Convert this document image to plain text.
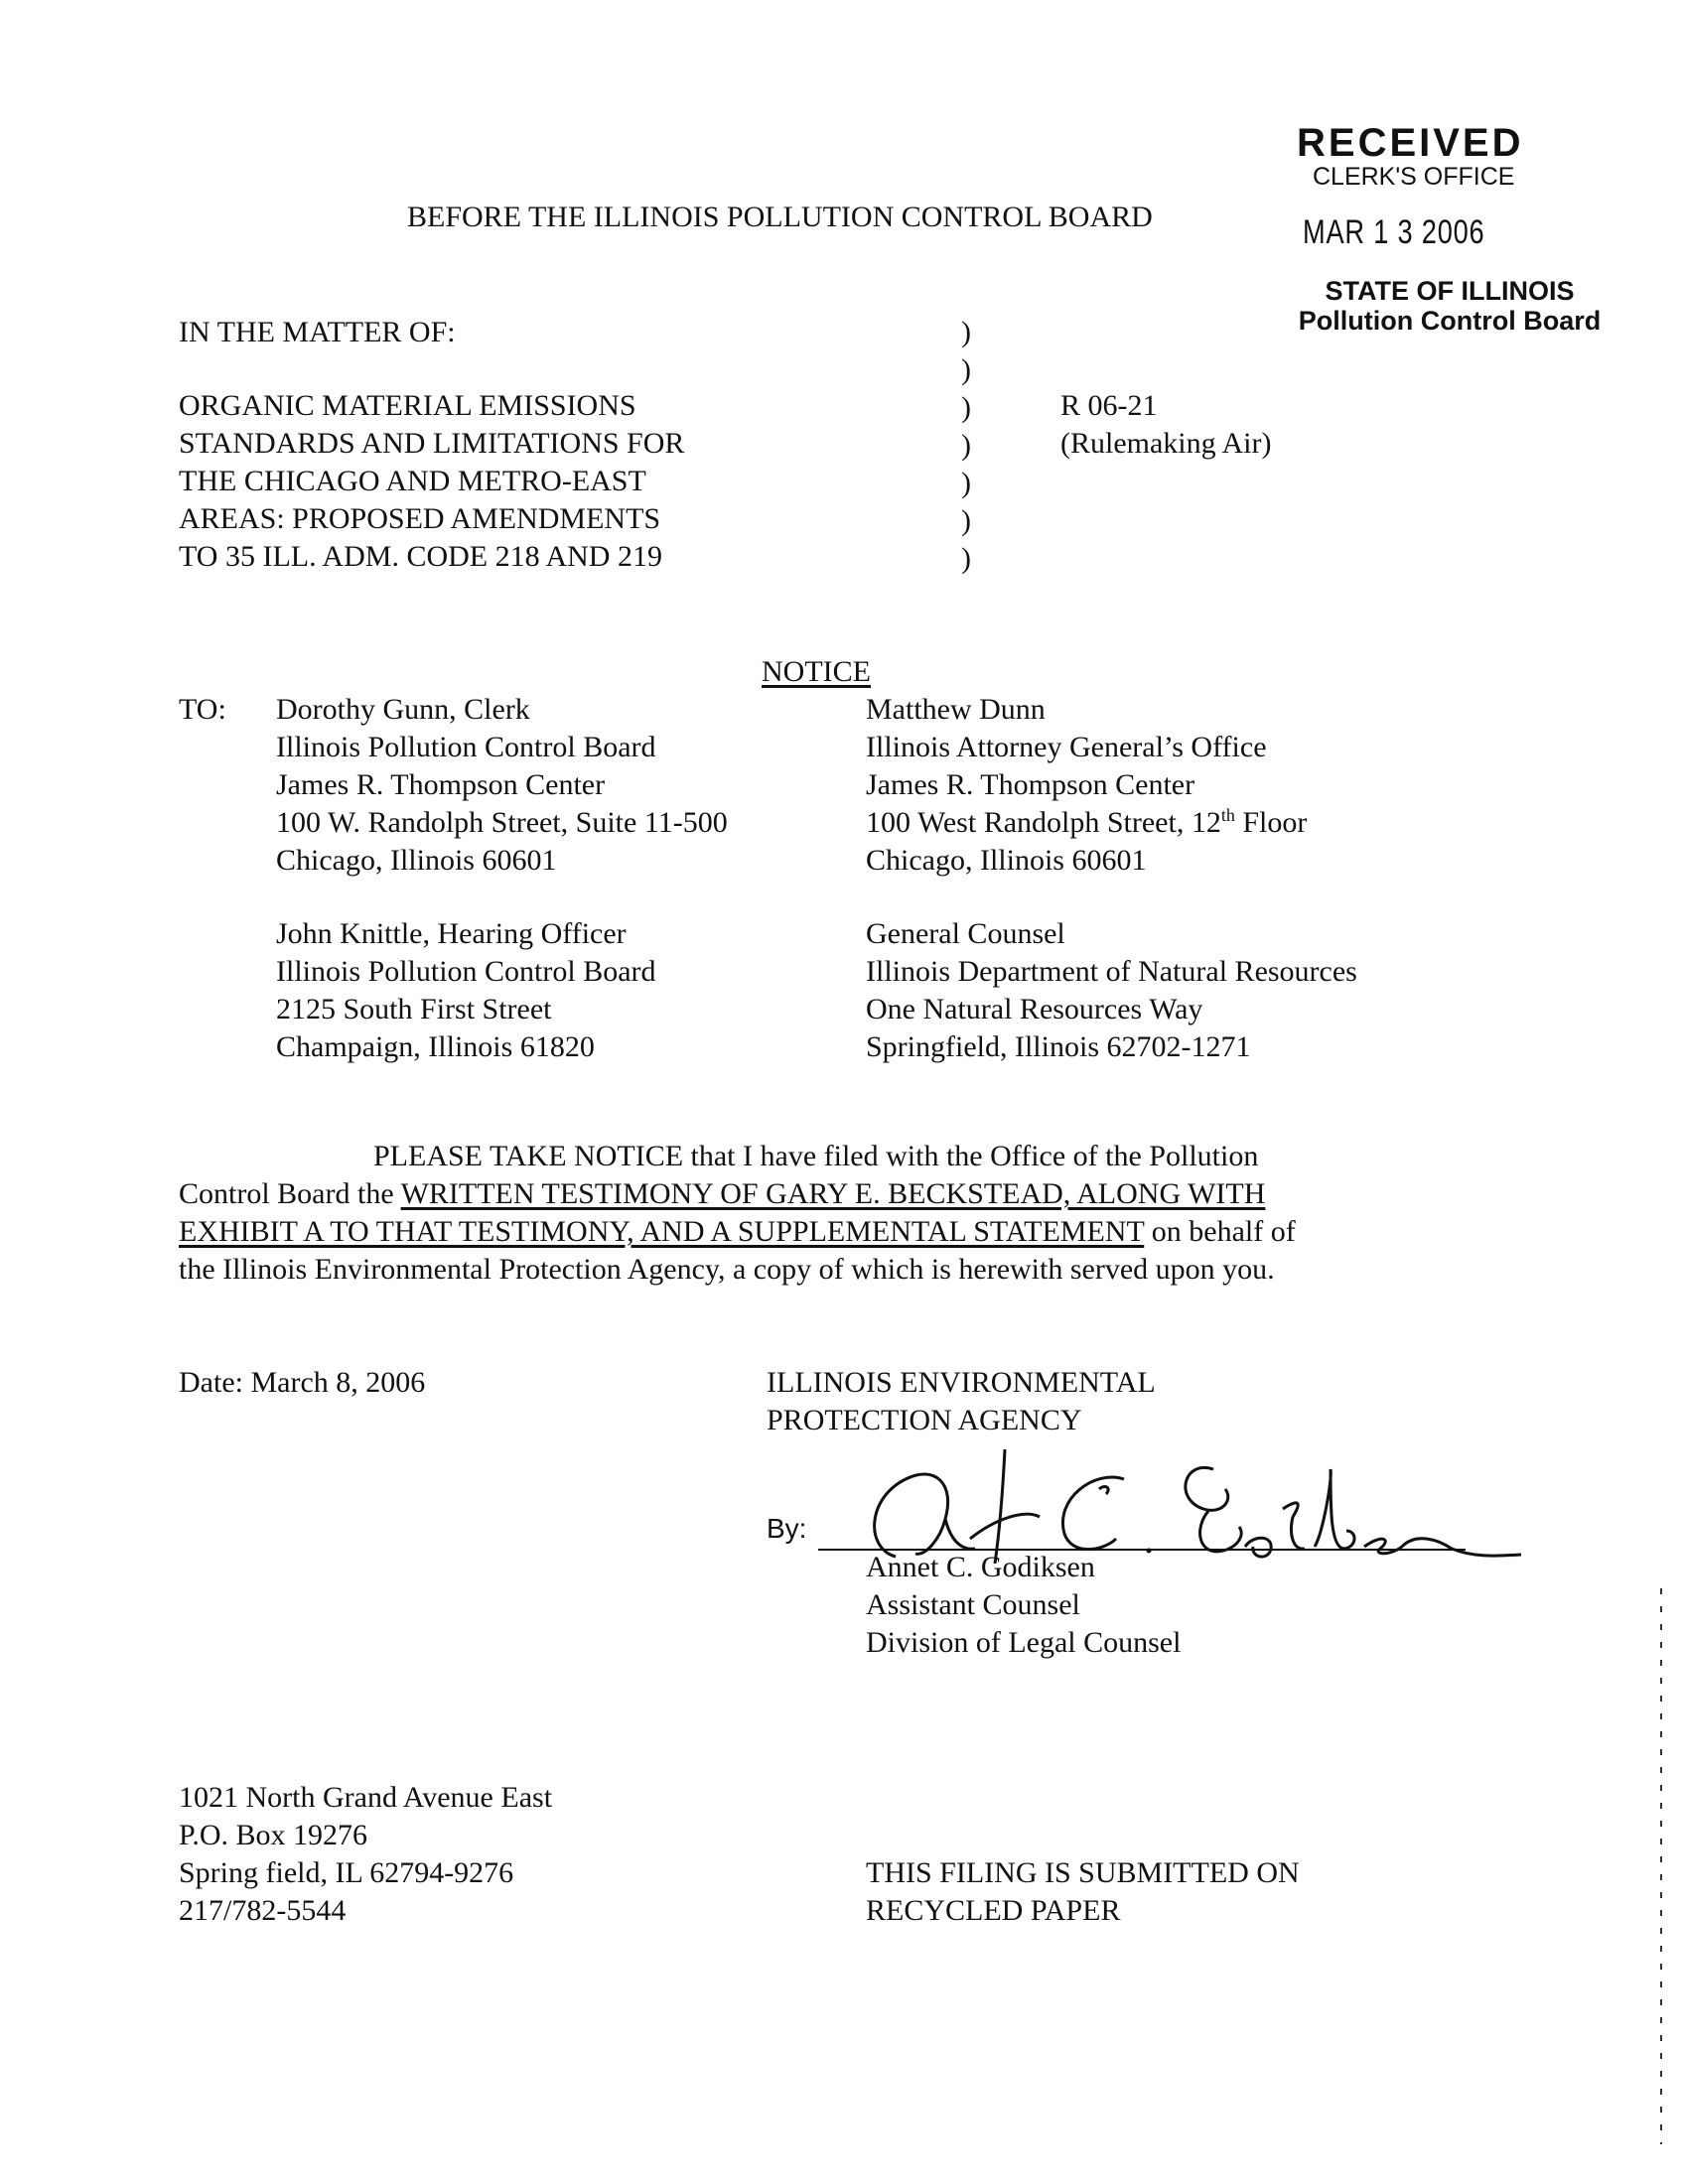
RECEIVED
CLERK'S OFFICE
MAR 1 3 2006
STATE OF ILLINOIS
Pollution Control Board
BEFORE THE ILLINOIS POLLUTION CONTROL BOARD
IN THE MATTER OF:
ORGANIC MATERIAL EMISSIONS
STANDARDS AND LIMITATIONS FOR
THE CHICAGO AND METRO-EAST
AREAS: PROPOSED AMENDMENTS
TO 35 ILL. ADM. CODE 218 AND 219
)
)
)
)
)
)
)
R 06-21
(Rulemaking Air)
NOTICE
TO: Dorothy Gunn, Clerk
Illinois Pollution Control Board
James R. Thompson Center
100 W. Randolph Street, Suite 11-500
Chicago, Illinois 60601
John Knittle, Hearing Officer
Illinois Pollution Control Board
2125 South First Street
Champaign, Illinois 61820
Matthew Dunn
Illinois Attorney General’s Office
James R. Thompson Center
100 West Randolph Street, 12th Floor
Chicago, Illinois 60601
General Counsel
Illinois Department of Natural Resources
One Natural Resources Way
Springfield, Illinois 62702-1271
PLEASE TAKE NOTICE that I have filed with the Office of the Pollution
Control Board the WRITTEN TESTIMONY OF GARY E. BECKSTEAD, ALONG WITH
EXHIBIT A TO THAT TESTIMONY, AND A SUPPLEMENTAL STATEMENT on behalf of
the Illinois Environmental Protection Agency, a copy of which is herewith served upon you.
Date: March 8, 2006	ILLINOIS ENVIRONMENTAL
PROTECTION AGENCY
By:
Annet C. Godiksen
Assistant Counsel
Division of Legal Counsel
1021 North Grand Avenue East
P.O. Box 19276
Spring field, IL 62794-9276
217/782-5544
THIS FILING IS SUBMITTED ON
RECYCLED PAPER
